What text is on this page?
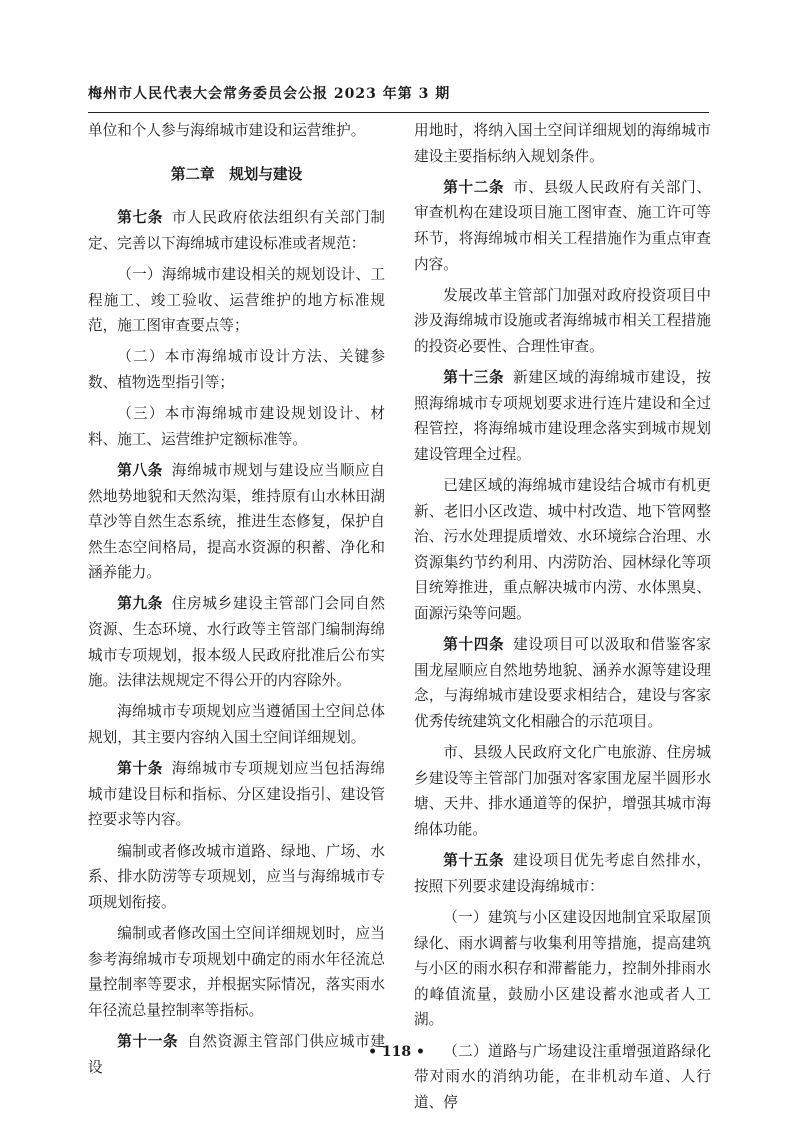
梅州市人民代表大会常务委员会公报 2023 年第 3 期

单位和个人参与海绵城市建设和运营维护。

第二章　规划与建设

第七条 市人民政府依法组织有关部门制定、完善以下海绵城市建设标准或者规范：

（一）海绵城市建设相关的规划设计、工程施工、竣工验收、运营维护的地方标准规范，施工图审查要点等；

（二）本市海绵城市设计方法、关键参数、植物选型指引等；

（三）本市海绵城市建设规划设计、材料、施工、运营维护定额标准等。

第八条 海绵城市规划与建设应当顺应自然地势地貌和天然沟渠，维持原有山水林田湖草沙等自然生态系统，推进生态修复，保护自然生态空间格局，提高水资源的积蓄、净化和涵养能力。

第九条 住房城乡建设主管部门会同自然资源、生态环境、水行政等主管部门编制海绵城市专项规划，报本级人民政府批准后公布实施。法律法规规定不得公开的内容除外。

海绵城市专项规划应当遵循国土空间总体规划，其主要内容纳入国土空间详细规划。

第十条 海绵城市专项规划应当包括海绵城市建设目标和指标、分区建设指引、建设管控要求等内容。

编制或者修改城市道路、绿地、广场、水系、排水防涝等专项规划，应当与海绵城市专项规划衔接。

编制或者修改国土空间详细规划时，应当参考海绵城市专项规划中确定的雨水年径流总量控制率等要求，并根据实际情况，落实雨水年径流总量控制率等指标。

第十一条 自然资源主管部门供应城市建设

用地时，将纳入国土空间详细规划的海绵城市建设主要指标纳入规划条件。

第十二条 市、县级人民政府有关部门、审查机构在建设项目施工图审查、施工许可等环节，将海绵城市相关工程措施作为重点审查内容。

发展改革主管部门加强对政府投资项目中涉及海绵城市设施或者海绵城市相关工程措施的投资必要性、合理性审查。

第十三条 新建区域的海绵城市建设，按照海绵城市专项规划要求进行连片建设和全过程管控，将海绵城市建设理念落实到城市规划建设管理全过程。

已建区域的海绵城市建设结合城市有机更新、老旧小区改造、城中村改造、地下管网整治、污水处理提质增效、水环境综合治理、水资源集约节约利用、内涝防治、园林绿化等项目统筹推进，重点解决城市内涝、水体黑臭、面源污染等问题。

第十四条 建设项目可以汲取和借鉴客家围龙屋顺应自然地势地貌、涵养水源等建设理念，与海绵城市建设要求相结合，建设与客家优秀传统建筑文化相融合的示范项目。

市、县级人民政府文化广电旅游、住房城乡建设等主管部门加强对客家围龙屋半圆形水塘、天井、排水通道等的保护，增强其城市海绵体功能。

第十五条 建设项目优先考虑自然排水，按照下列要求建设海绵城市：

（一）建筑与小区建设因地制宜采取屋顶绿化、雨水调蓄与收集利用等措施，提高建筑与小区的雨水积存和滞蓄能力，控制外排雨水的峰值流量，鼓励小区建设蓄水池或者人工湖。

（二）道路与广场建设注重增强道路绿化带对雨水的消纳功能，在非机动车道、人行道、停

• 118 •
